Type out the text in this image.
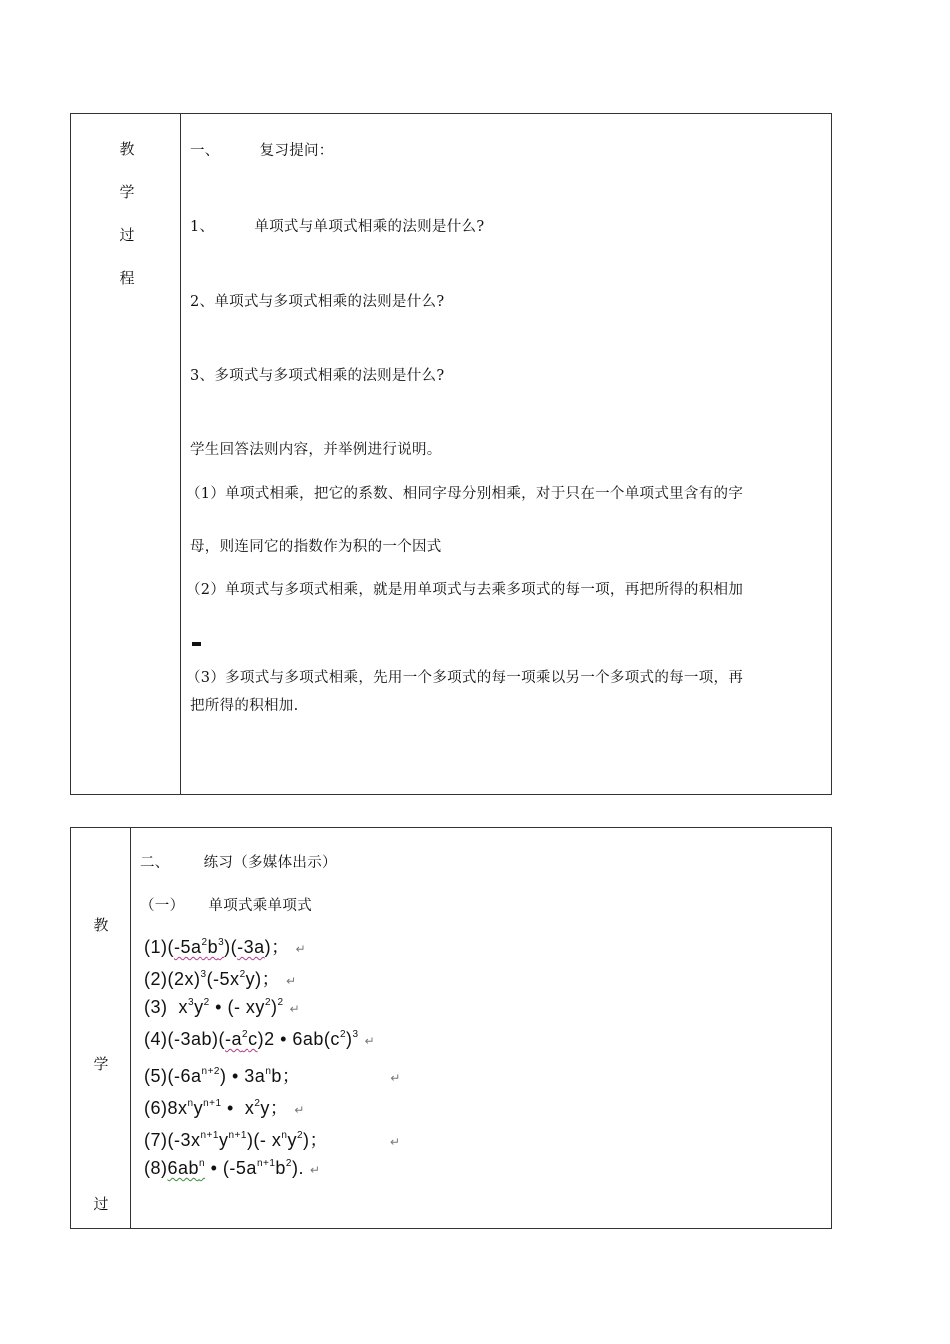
教
学
过
程
一、	复习提问：
1、	单项式与单项式相乘的法则是什么?
2、单项式与多项式相乘的法则是什么?
3、多项式与多项式相乘的法则是什么?
学生回答法则内容，并举例进行说明。
（1）单项式相乘，把它的系数、相同字母分别相乘，对于只在一个单项式里含有的字
母，则连同它的指数作为积的一个因式
（2）单项式与多项式相乘，就是用单项式与去乘多项式的每一项，再把所得的积相加
（3）多项式与多项式相乘，先用一个多项式的每一项乘以另一个多项式的每一项，再
把所得的积相加.
教
学
过
二、 练习（多媒体出示）
（一） 单项式乘单项式
$(1)(-5a^2b^3)(-3a)$； ↵
$(2)(2x)^3(-5x^2y)$； ↵
(3)  $x^3y^2$ • (- $xy^2)^2$ ↵
$(4)(-3ab)(-a^2c)2$ • $6ab(c^2)^3$ ↵
$(5)(-6a^{n+2})$ • $3a^nb$；	↵
$(6)8x^ny^{n+1}$ •  $x^2y$； ↵
$(7)(-3x^{n+1}y^{n+1})(-$ $x^ny^2$)；	↵
$(8)6ab^n$ • $(-5a^{n+1}b^2)$. ↵
